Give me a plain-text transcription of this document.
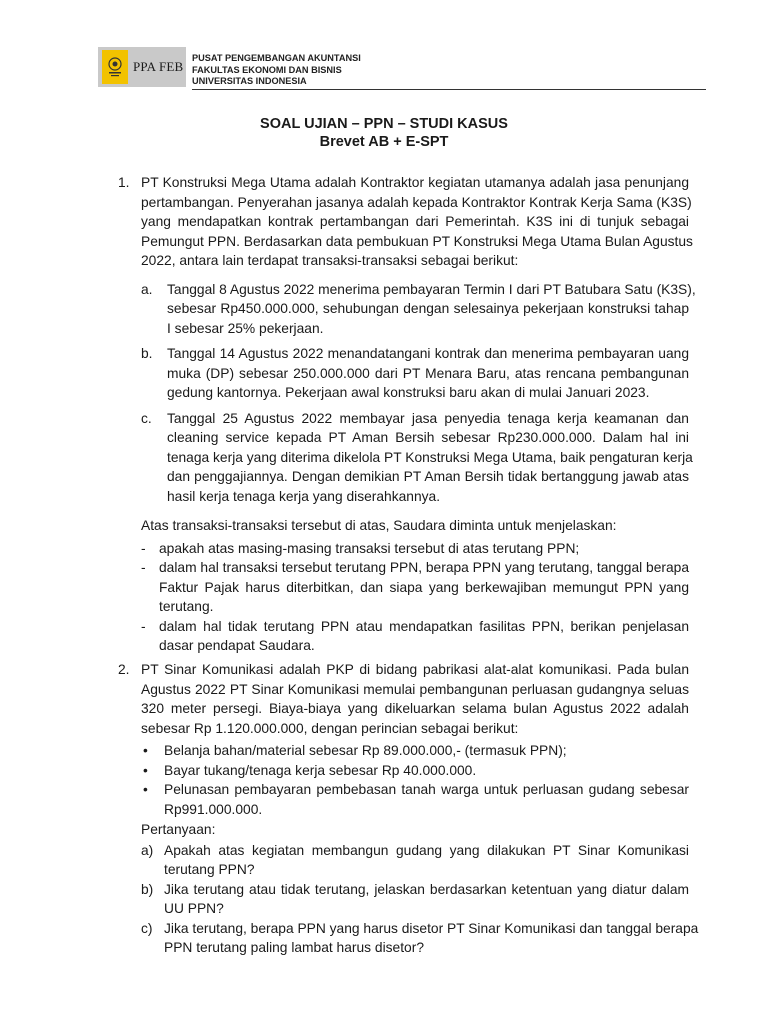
PPA FEB
PUSAT PENGEMBANGAN AKUNTANSI
FAKULTAS EKONOMI DAN BISNIS
UNIVERSITAS INDONESIA
SOAL UJIAN – PPN – STUDI KASUS
Brevet AB + E-SPT
1. PT Konstruksi Mega Utama adalah Kontraktor kegiatan utamanya adalah jasa penunjang
pertambangan. Penyerahan jasanya adalah kepada Kontraktor Kontrak Kerja Sama (K3S)
yang mendapatkan kontrak pertambangan dari Pemerintah. K3S ini di tunjuk sebagai
Pemungut PPN. Berdasarkan data pembukuan PT Konstruksi Mega Utama Bulan Agustus
2022, antara lain terdapat transaksi-transaksi sebagai berikut:
a. Tanggal 8 Agustus 2022 menerima pembayaran Termin I dari PT Batubara Satu (K3S),
sebesar Rp450.000.000, sehubungan dengan selesainya pekerjaan konstruksi tahap
I sebesar 25% pekerjaan.
b. Tanggal 14 Agustus 2022 menandatangani kontrak dan menerima pembayaran uang
muka (DP) sebesar 250.000.000 dari PT Menara Baru, atas rencana pembangunan
gedung kantornya. Pekerjaan awal konstruksi baru akan di mulai Januari 2023.
c. Tanggal 25 Agustus 2022 membayar jasa penyedia tenaga kerja keamanan dan
cleaning service kepada PT Aman Bersih sebesar Rp230.000.000. Dalam hal ini
tenaga kerja yang diterima dikelola PT Konstruksi Mega Utama, baik pengaturan kerja
dan penggajiannya. Dengan demikian PT Aman Bersih tidak bertanggung jawab atas
hasil kerja tenaga kerja yang diserahkannya.
Atas transaksi-transaksi tersebut di atas, Saudara diminta untuk menjelaskan:
- apakah atas masing-masing transaksi tersebut di atas terutang PPN;
- dalam hal transaksi tersebut terutang PPN, berapa PPN yang terutang, tanggal berapa
Faktur Pajak harus diterbitkan, dan siapa yang berkewajiban memungut PPN yang
terutang.
- dalam hal tidak terutang PPN atau mendapatkan fasilitas PPN, berikan penjelasan
dasar pendapat Saudara.
2. PT Sinar Komunikasi adalah PKP di bidang pabrikasi alat-alat komunikasi. Pada bulan
Agustus 2022 PT Sinar Komunikasi memulai pembangunan perluasan gudangnya seluas
320 meter persegi. Biaya-biaya yang dikeluarkan selama bulan Agustus 2022 adalah
sebesar Rp 1.120.000.000, dengan perincian sebagai berikut:
• Belanja bahan/material sebesar Rp 89.000.000,- (termasuk PPN);
• Bayar tukang/tenaga kerja sebesar Rp 40.000.000.
• Pelunasan pembayaran pembebasan tanah warga untuk perluasan gudang sebesar
Rp991.000.000.
Pertanyaan:
a) Apakah atas kegiatan membangun gudang yang dilakukan PT Sinar Komunikasi
terutang PPN?
b) Jika terutang atau tidak terutang, jelaskan berdasarkan ketentuan yang diatur dalam
UU PPN?
c) Jika terutang, berapa PPN yang harus disetor PT Sinar Komunikasi dan tanggal berapa
PPN terutang paling lambat harus disetor?
